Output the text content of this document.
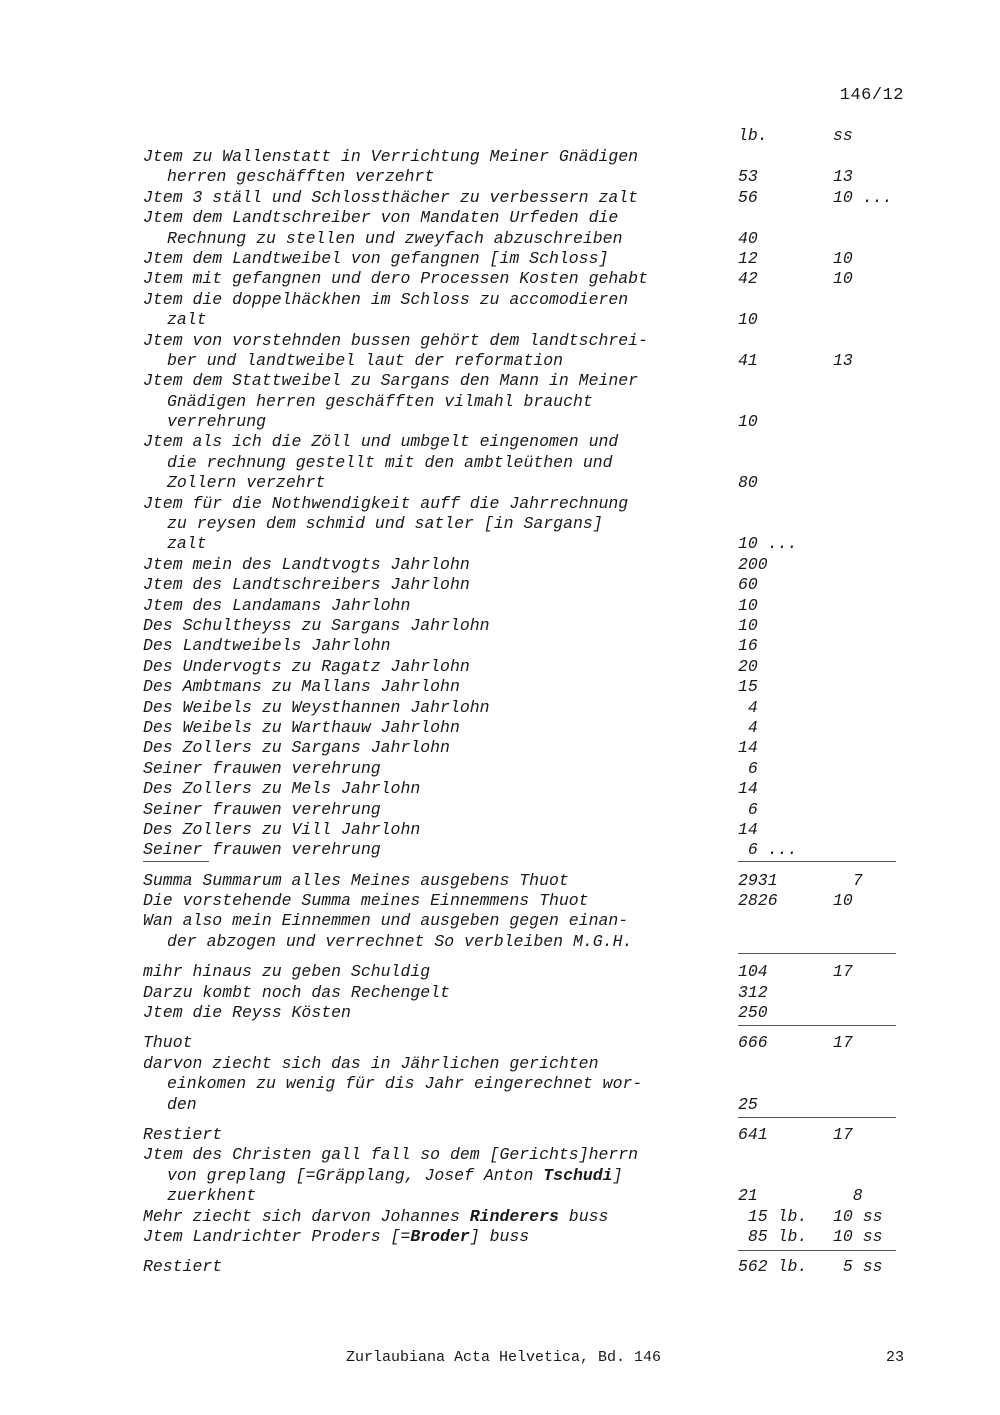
146/12
lb.	ss
Jtem zu Wallenstatt in Verrichtung Meiner Gnädigen
herren geschäfften verzehrt	53	13
Jtem 3 ställ und Schlossthächer zu verbessern zalt	56	10 ...
Jtem dem Landtschreiber von Mandaten Urfeden die
Rechnung zu stellen und zweyfach abzuschreiben	40
Jtem dem Landtweibel von gefangnen [im Schloss]	12	10
Jtem mit gefangnen und dero Processen Kosten gehabt	42	10
Jtem die doppelhäckhen im Schloss zu accomodieren
zalt	10
Jtem von vorstehnden bussen gehört dem landtschrei-
ber und landtweibel laut der reformation	41	13
Jtem dem Stattweibel zu Sargans den Mann in Meiner
Gnädigen herren geschäfften vilmahl braucht
verrehrung	10
Jtem als ich die Zöll und umbgelt eingenomen und
die rechnung gestellt mit den ambtleüthen und
Zollern verzehrt	80
Jtem für die Nothwendigkeit auff die Jahrrechnung
zu reysen dem schmid und satler [in Sargans]
zalt	10 ...
Jtem mein des Landtvogts Jahrlohn	200
Jtem des Landtschreibers Jahrlohn	60
Jtem des Landamans Jahrlohn	10
Des Schultheyss zu Sargans Jahrlohn	10
Des Landtweibels Jahrlohn	16
Des Undervogts zu Ragatz Jahrlohn	20
Des Ambtmans zu Mallans Jahrlohn	15
Des Weibels zu Weysthannen Jahrlohn	4
Des Weibels zu Warthauw Jahrlohn	4
Des Zollers zu Sargans Jahrlohn	14
Seiner frauwen verehrung	6
Des Zollers zu Mels Jahrlohn	14
Seiner frauwen verehrung	6
Des Zollers zu Vill Jahrlohn	14
Seiner frauwen verehrung	6 ...
Summa Summarum alles Meines ausgebens Thuot	2931	7
Die vorstehende Summa meines Einnemmens Thuot	2826	10
Wan also mein Einnemmen und ausgeben gegen einan-
der abzogen und verrechnet So verbleiben M.G.H.
mihr hinaus zu geben Schuldig	104	17
Darzu kombt noch das Rechengelt	312
Jtem die Reyss Kösten	250
Thuot	666	17
darvon ziecht sich das in Jährlichen gerichten
einkomen zu wenig für dis Jahr eingerechnet wor-
den	25
Restiert	641	17
Jtem des Christen gall fall so dem [Gerichts]herrn
von greplang [=Gräpplang, Josef Anton Tschudi]
zuerkhent	21	8
Mehr ziecht sich darvon Johannes Rinderers buss	15 lb. 10 ss
Jtem Landrichter Proders [=Broder] buss	85 lb. 10 ss
Restiert	562 lb. 5 ss
Zurlaubiana Acta Helvetica, Bd. 146	23
